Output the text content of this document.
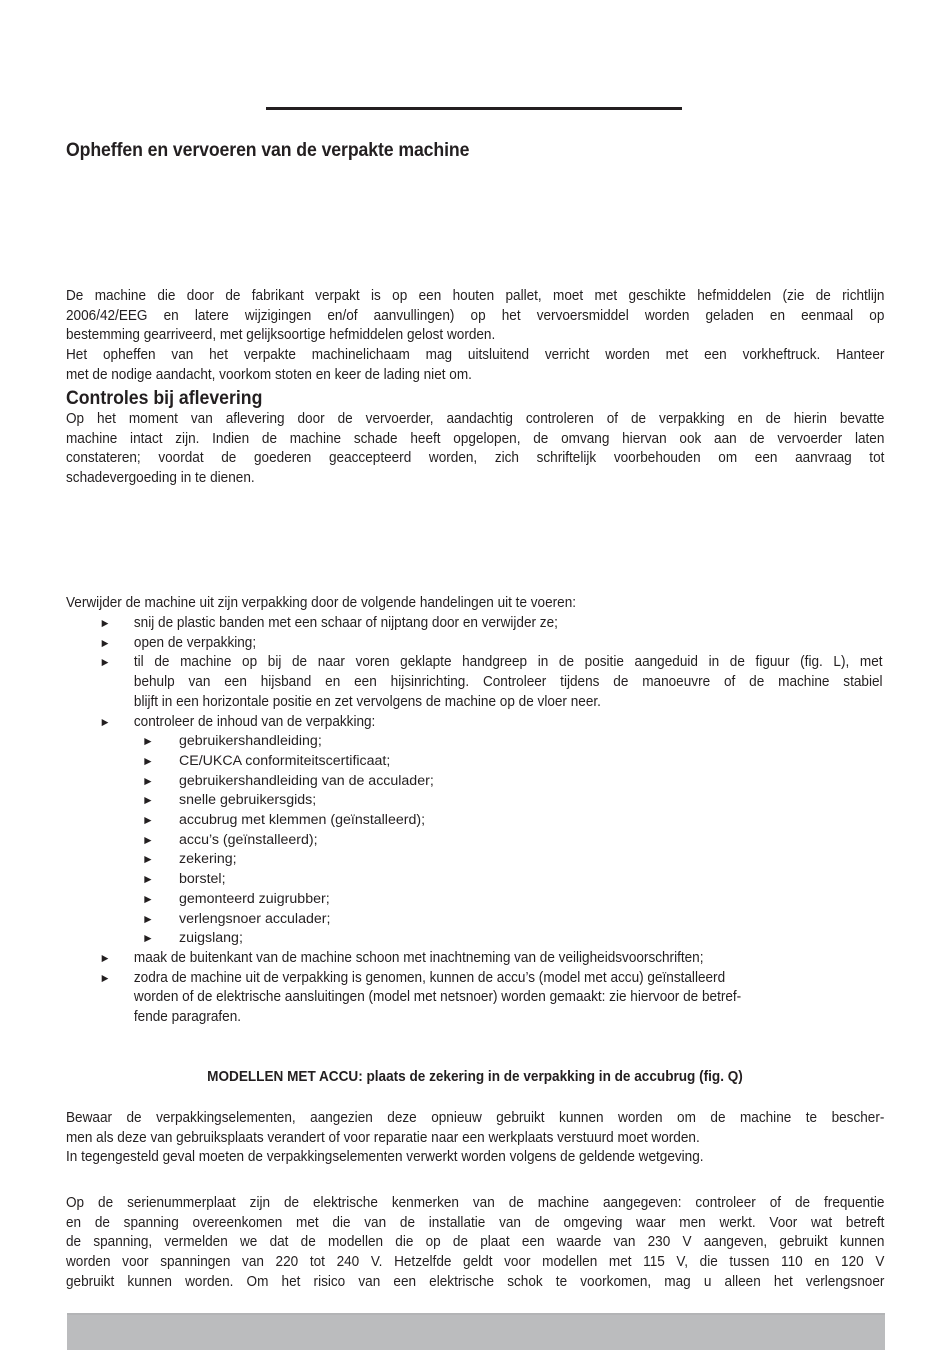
Opheffen en vervoeren van de verpakte machine
De machine die door de fabrikant verpakt is op een houten pallet, moet met geschikte hefmiddelen (zie de richtlijn
2006/42/EEG en latere wijzigingen en/of aanvullingen) op het vervoersmiddel worden geladen en eenmaal op
bestemming gearriveerd, met gelijksoortige hefmiddelen gelost worden.
Het opheffen van het verpakte machinelichaam mag uitsluitend verricht worden met een vorkheftruck. Hanteer
met de nodige aandacht, voorkom stoten en keer de lading niet om.
Controles bij aflevering
Op het moment van aflevering door de vervoerder, aandachtig controleren of de verpakking en de hierin bevatte
machine intact zijn. Indien de machine schade heeft opgelopen, de omvang hiervan ook aan de vervoerder laten
constateren; voordat de goederen geaccepteerd worden, zich schriftelijk voorbehouden om een aanvraag tot
schadevergoeding in te dienen.
Verwijder de machine uit zijn verpakking door de volgende handelingen uit te voeren:
► snij de plastic banden met een schaar of nijptang door en verwijder ze;
► open de verpakking;
► til de machine op bij de naar voren geklapte handgreep in de positie aangeduid in de figuur (fig. L), met
behulp van een hijsband en een hijsinrichting. Controleer tijdens de manoeuvre of de machine stabiel
blijft in een horizontale positie en zet vervolgens de machine op de vloer neer.
► controleer de inhoud van de verpakking:
► gebruikershandleiding;
► CE/UKCA conformiteitscertificaat;
► gebruikershandleiding van de acculader;
► snelle gebruikersgids;
► accubrug met klemmen (geïnstalleerd);
► accu’s (geïnstalleerd);
► zekering;
► borstel;
► gemonteerd zuigrubber;
► verlengsnoer acculader;
► zuigslang;
► maak de buitenkant van de machine schoon met inachtneming van de veiligheidsvoorschriften;
► zodra de machine uit de verpakking is genomen, kunnen de accu’s (model met accu) geïnstalleerd
worden of de elektrische aansluitingen (model met netsnoer) worden gemaakt: zie hiervoor de betref-
fende paragrafen.
MODELLEN MET ACCU: plaats de zekering in de verpakking in de accubrug (fig. Q)
Bewaar de verpakkingselementen, aangezien deze opnieuw gebruikt kunnen worden om de machine te bescher-
men als deze van gebruiksplaats verandert of voor reparatie naar een werkplaats verstuurd moet worden.
In tegengesteld geval moeten de verpakkingselementen verwerkt worden volgens de geldende wetgeving.
Op de serienummerplaat zijn de elektrische kenmerken van de machine aangegeven: controleer of de frequentie
en de spanning overeenkomen met die van de installatie van de omgeving waar men werkt. Voor wat betreft
de spanning, vermelden we dat de modellen die op de plaat een waarde van 230 V aangeven, gebruikt kunnen
worden voor spanningen van 220 tot 240 V. Hetzelfde geldt voor modellen met 115 V, die tussen 110 en 120 V
gebruikt kunnen worden. Om het risico van een elektrische schok te voorkomen, mag u alleen het verlengsnoer
